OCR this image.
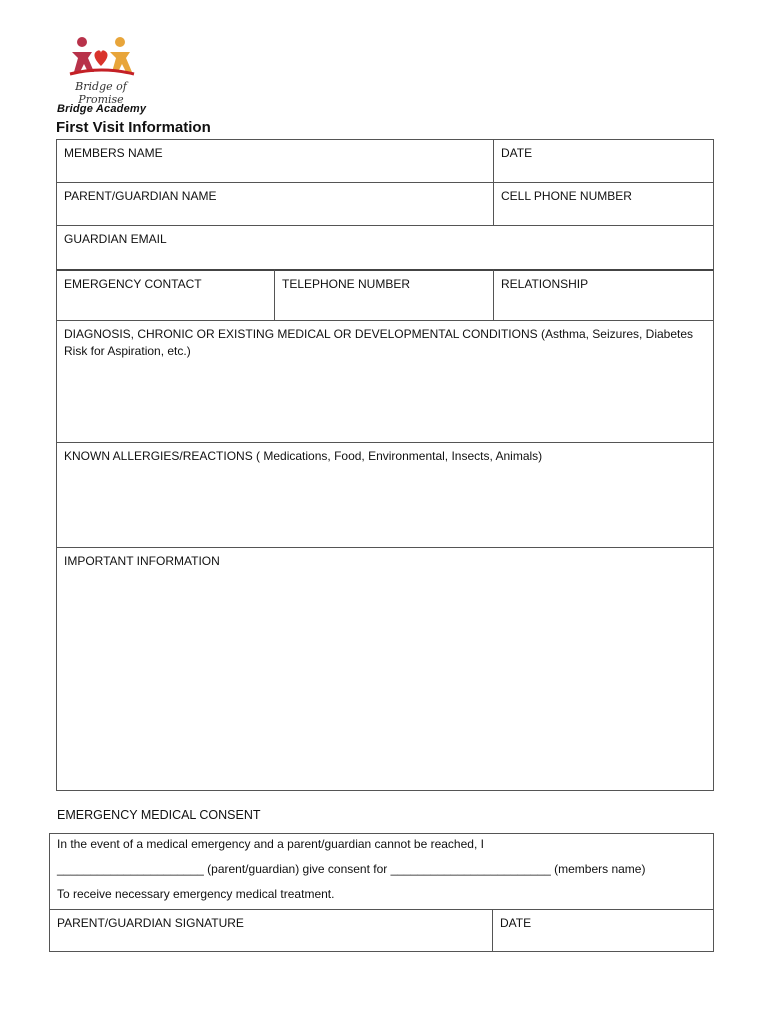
Bridge of Promise
Bridge Academy
First Visit Information
MEMBERS NAME	DATE
PARENT/GUARDIAN NAME	CELL PHONE NUMBER
GUARDIAN EMAIL
EMERGENCY CONTACT	TELEPHONE NUMBER	RELATIONSHIP
DIAGNOSIS, CHRONIC OR EXISTING MEDICAL OR DEVELOPMENTAL CONDITIONS (Asthma, Seizures, Diabetes Risk for Aspiration, etc.)
KNOWN ALLERGIES/REACTIONS ( Medications, Food, Environmental, Insects, Animals)
IMPORTANT INFORMATION
EMERGENCY MEDICAL CONSENT
In the event of a medical emergency and a parent/guardian cannot be reached, I
______________________ (parent/guardian) give consent for ________________________ (members name)
To receive necessary emergency medical treatment.
PARENT/GUARDIAN SIGNATURE	DATE
